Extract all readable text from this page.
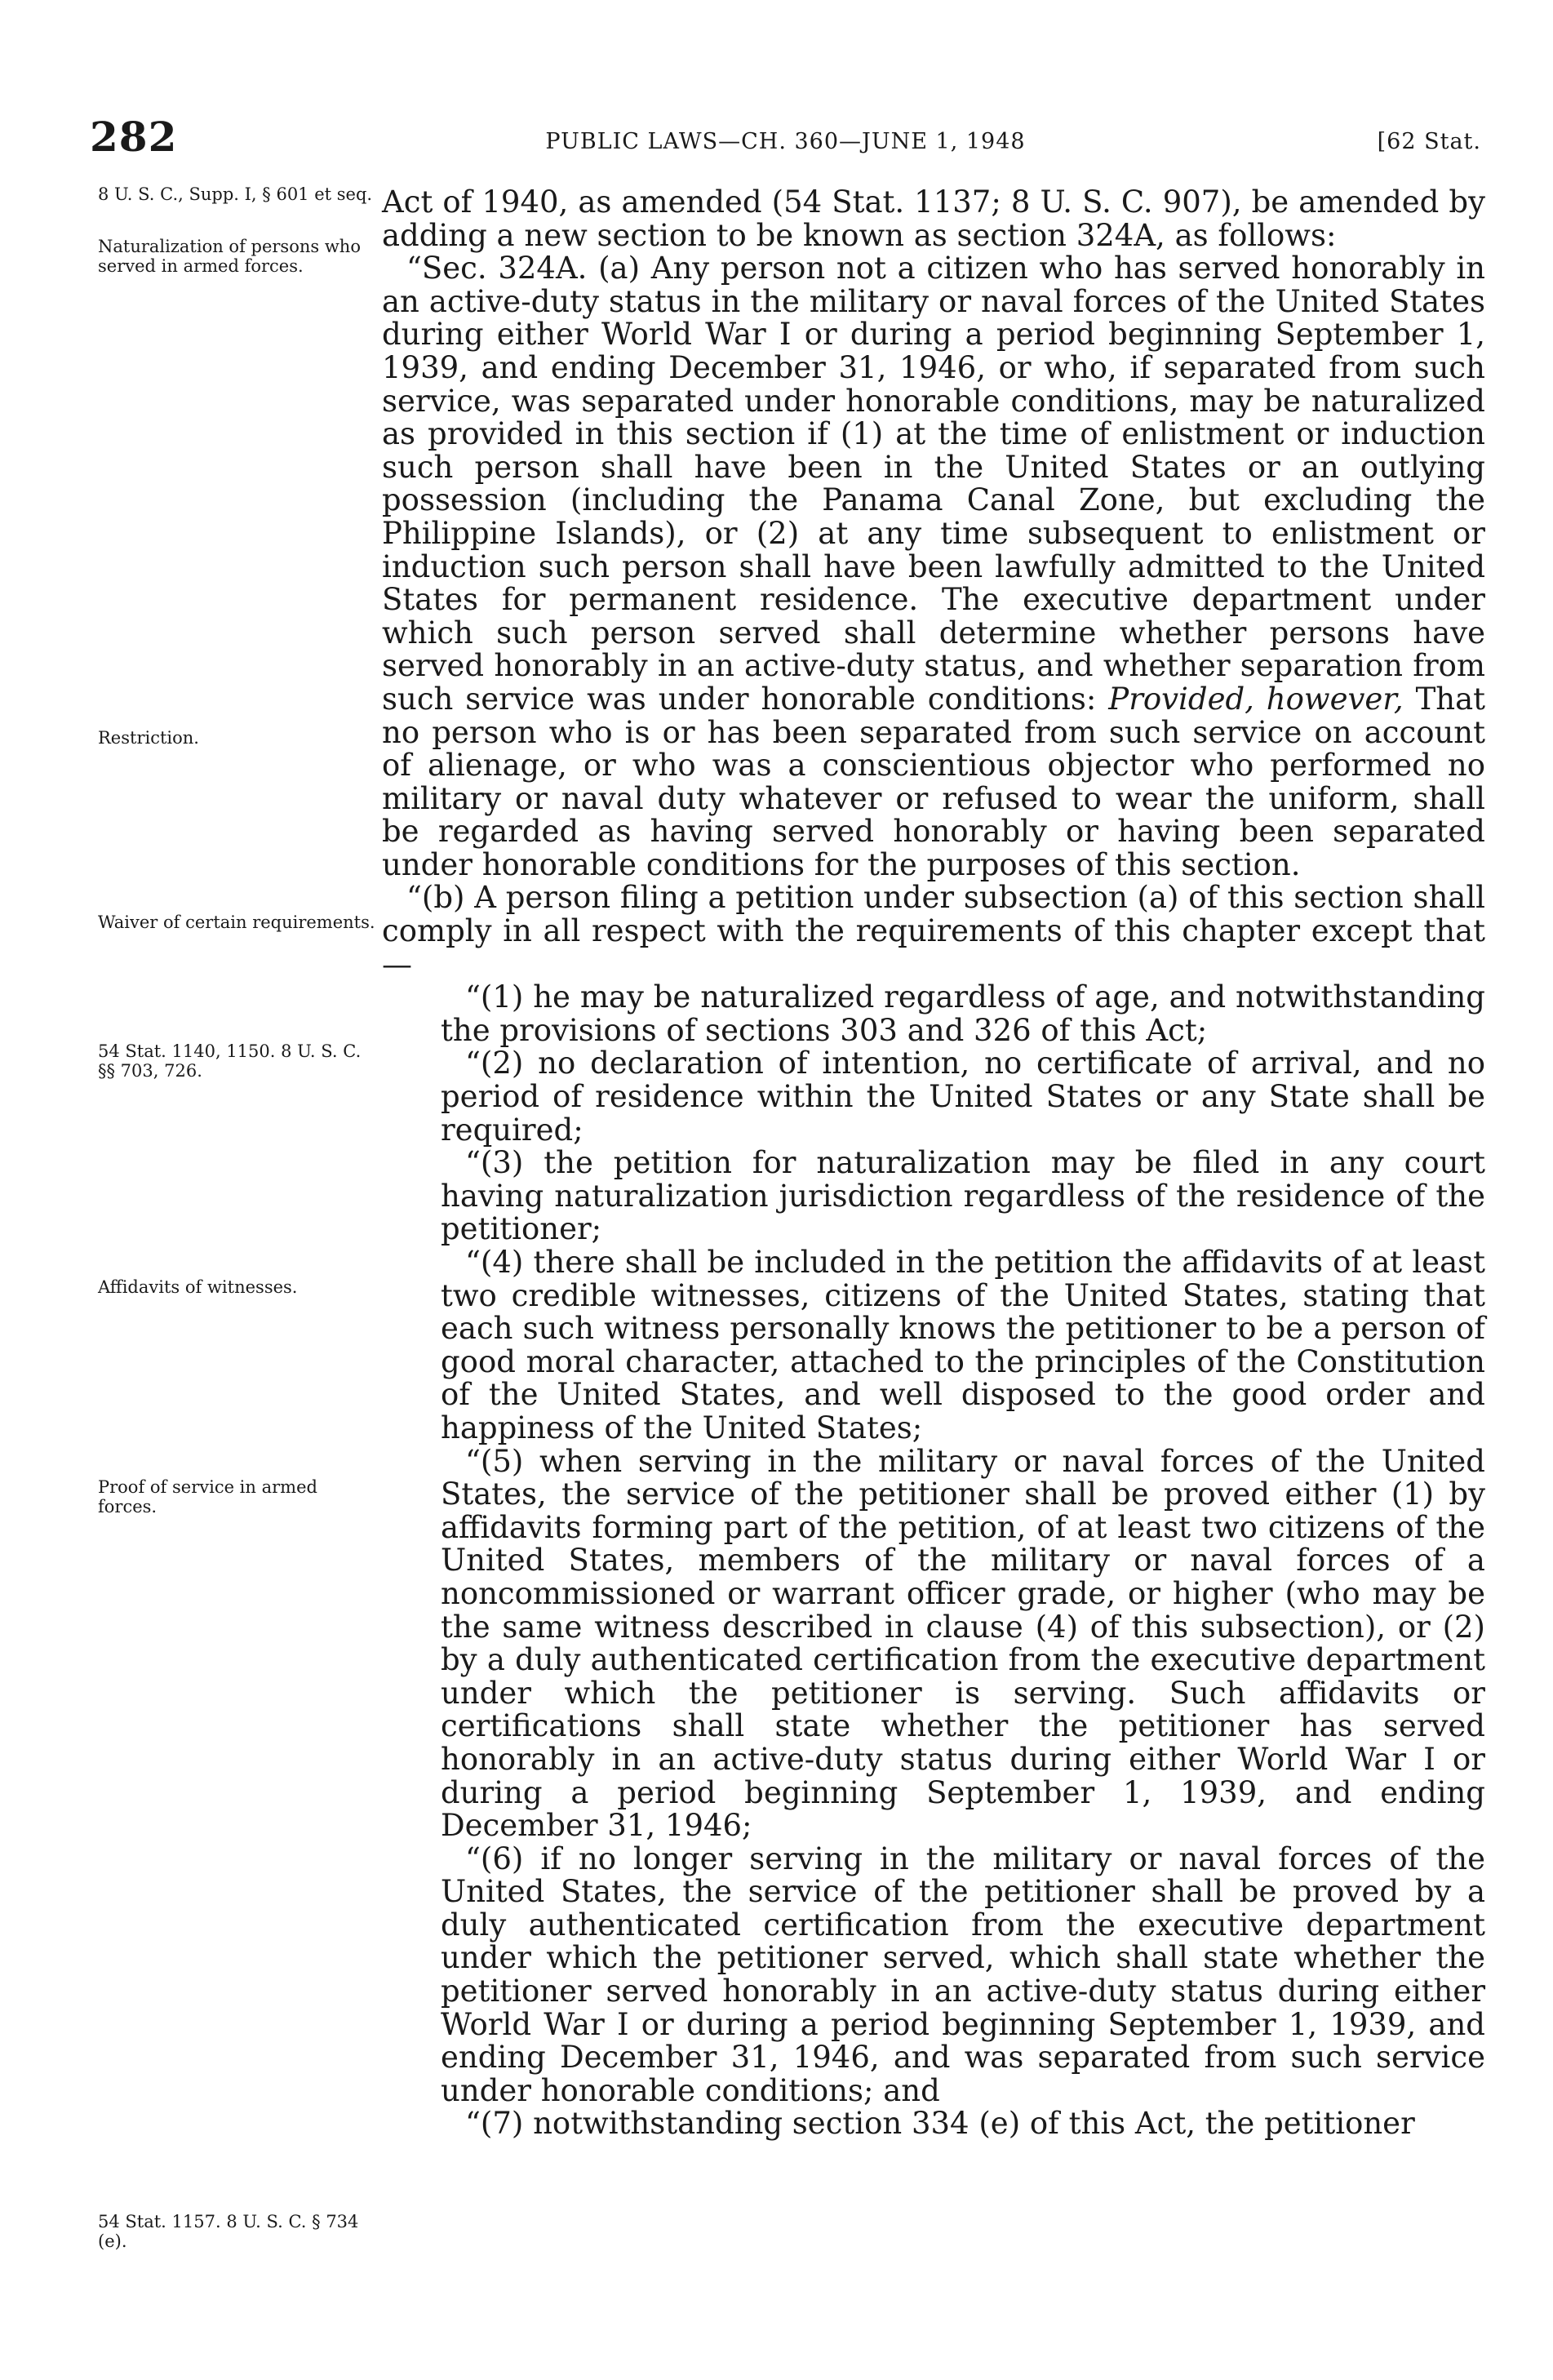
282	PUBLIC LAWS—CH. 360—JUNE 1, 1948	[62 Stat.
8 U. S. C., Supp. I, § 601 et seq.
Naturalization of persons who served in armed forces.
Restriction.
Waiver of certain requirements.
54 Stat. 1140, 1150. 8 U. S. C. §§ 703, 726.
Affidavits of witnesses.
Proof of service in armed forces.
54 Stat. 1157. 8 U. S. C. § 734 (e).

Act of 1940, as amended (54 Stat. 1137; 8 U. S. C. 907), be amended by adding a new section to be known as section 324A, as follows:

“Sec. 324A. (a) Any person not a citizen who has served honorably in an active-duty status in the military or naval forces of the United States during either World War I or during a period beginning September 1, 1939, and ending December 31, 1946, or who, if separated from such service, was separated under honorable conditions, may be naturalized as provided in this section if (1) at the time of enlistment or induction such person shall have been in the United States or an outlying possession (including the Panama Canal Zone, but excluding the Philippine Islands), or (2) at any time subsequent to enlistment or induction such person shall have been lawfully admitted to the United States for permanent residence. The executive department under which such person served shall determine whether persons have served honorably in an active-duty status, and whether separation from such service was under honorable conditions: Provided, however, That no person who is or has been separated from such service on account of alienage, or who was a conscientious objector who performed no military or naval duty whatever or refused to wear the uniform, shall be regarded as having served honorably or having been separated under honorable conditions for the purposes of this section.

“(b) A person filing a petition under subsection (a) of this section shall comply in all respect with the requirements of this chapter except that—

“(1) he may be naturalized regardless of age, and notwithstanding the provisions of sections 303 and 326 of this Act;

“(2) no declaration of intention, no certificate of arrival, and no period of residence within the United States or any State shall be required;

“(3) the petition for naturalization may be filed in any court having naturalization jurisdiction regardless of the residence of the petitioner;

“(4) there shall be included in the petition the affidavits of at least two credible witnesses, citizens of the United States, stating that each such witness personally knows the petitioner to be a person of good moral character, attached to the principles of the Constitution of the United States, and well disposed to the good order and happiness of the United States;

“(5) when serving in the military or naval forces of the United States, the service of the petitioner shall be proved either (1) by affidavits forming part of the petition, of at least two citizens of the United States, members of the military or naval forces of a noncommissioned or warrant officer grade, or higher (who may be the same witness described in clause (4) of this subsection), or (2) by a duly authenticated certification from the executive department under which the petitioner is serving. Such affidavits or certifications shall state whether the petitioner has served honorably in an active-duty status during either World War I or during a period beginning September 1, 1939, and ending December 31, 1946;

“(6) if no longer serving in the military or naval forces of the United States, the service of the petitioner shall be proved by a duly authenticated certification from the executive department under which the petitioner served, which shall state whether the petitioner served honorably in an active-duty status during either World War I or during a period beginning September 1, 1939, and ending December 31, 1946, and was separated from such service under honorable conditions; and

“(7) notwithstanding section 334 (e) of this Act, the petitioner
